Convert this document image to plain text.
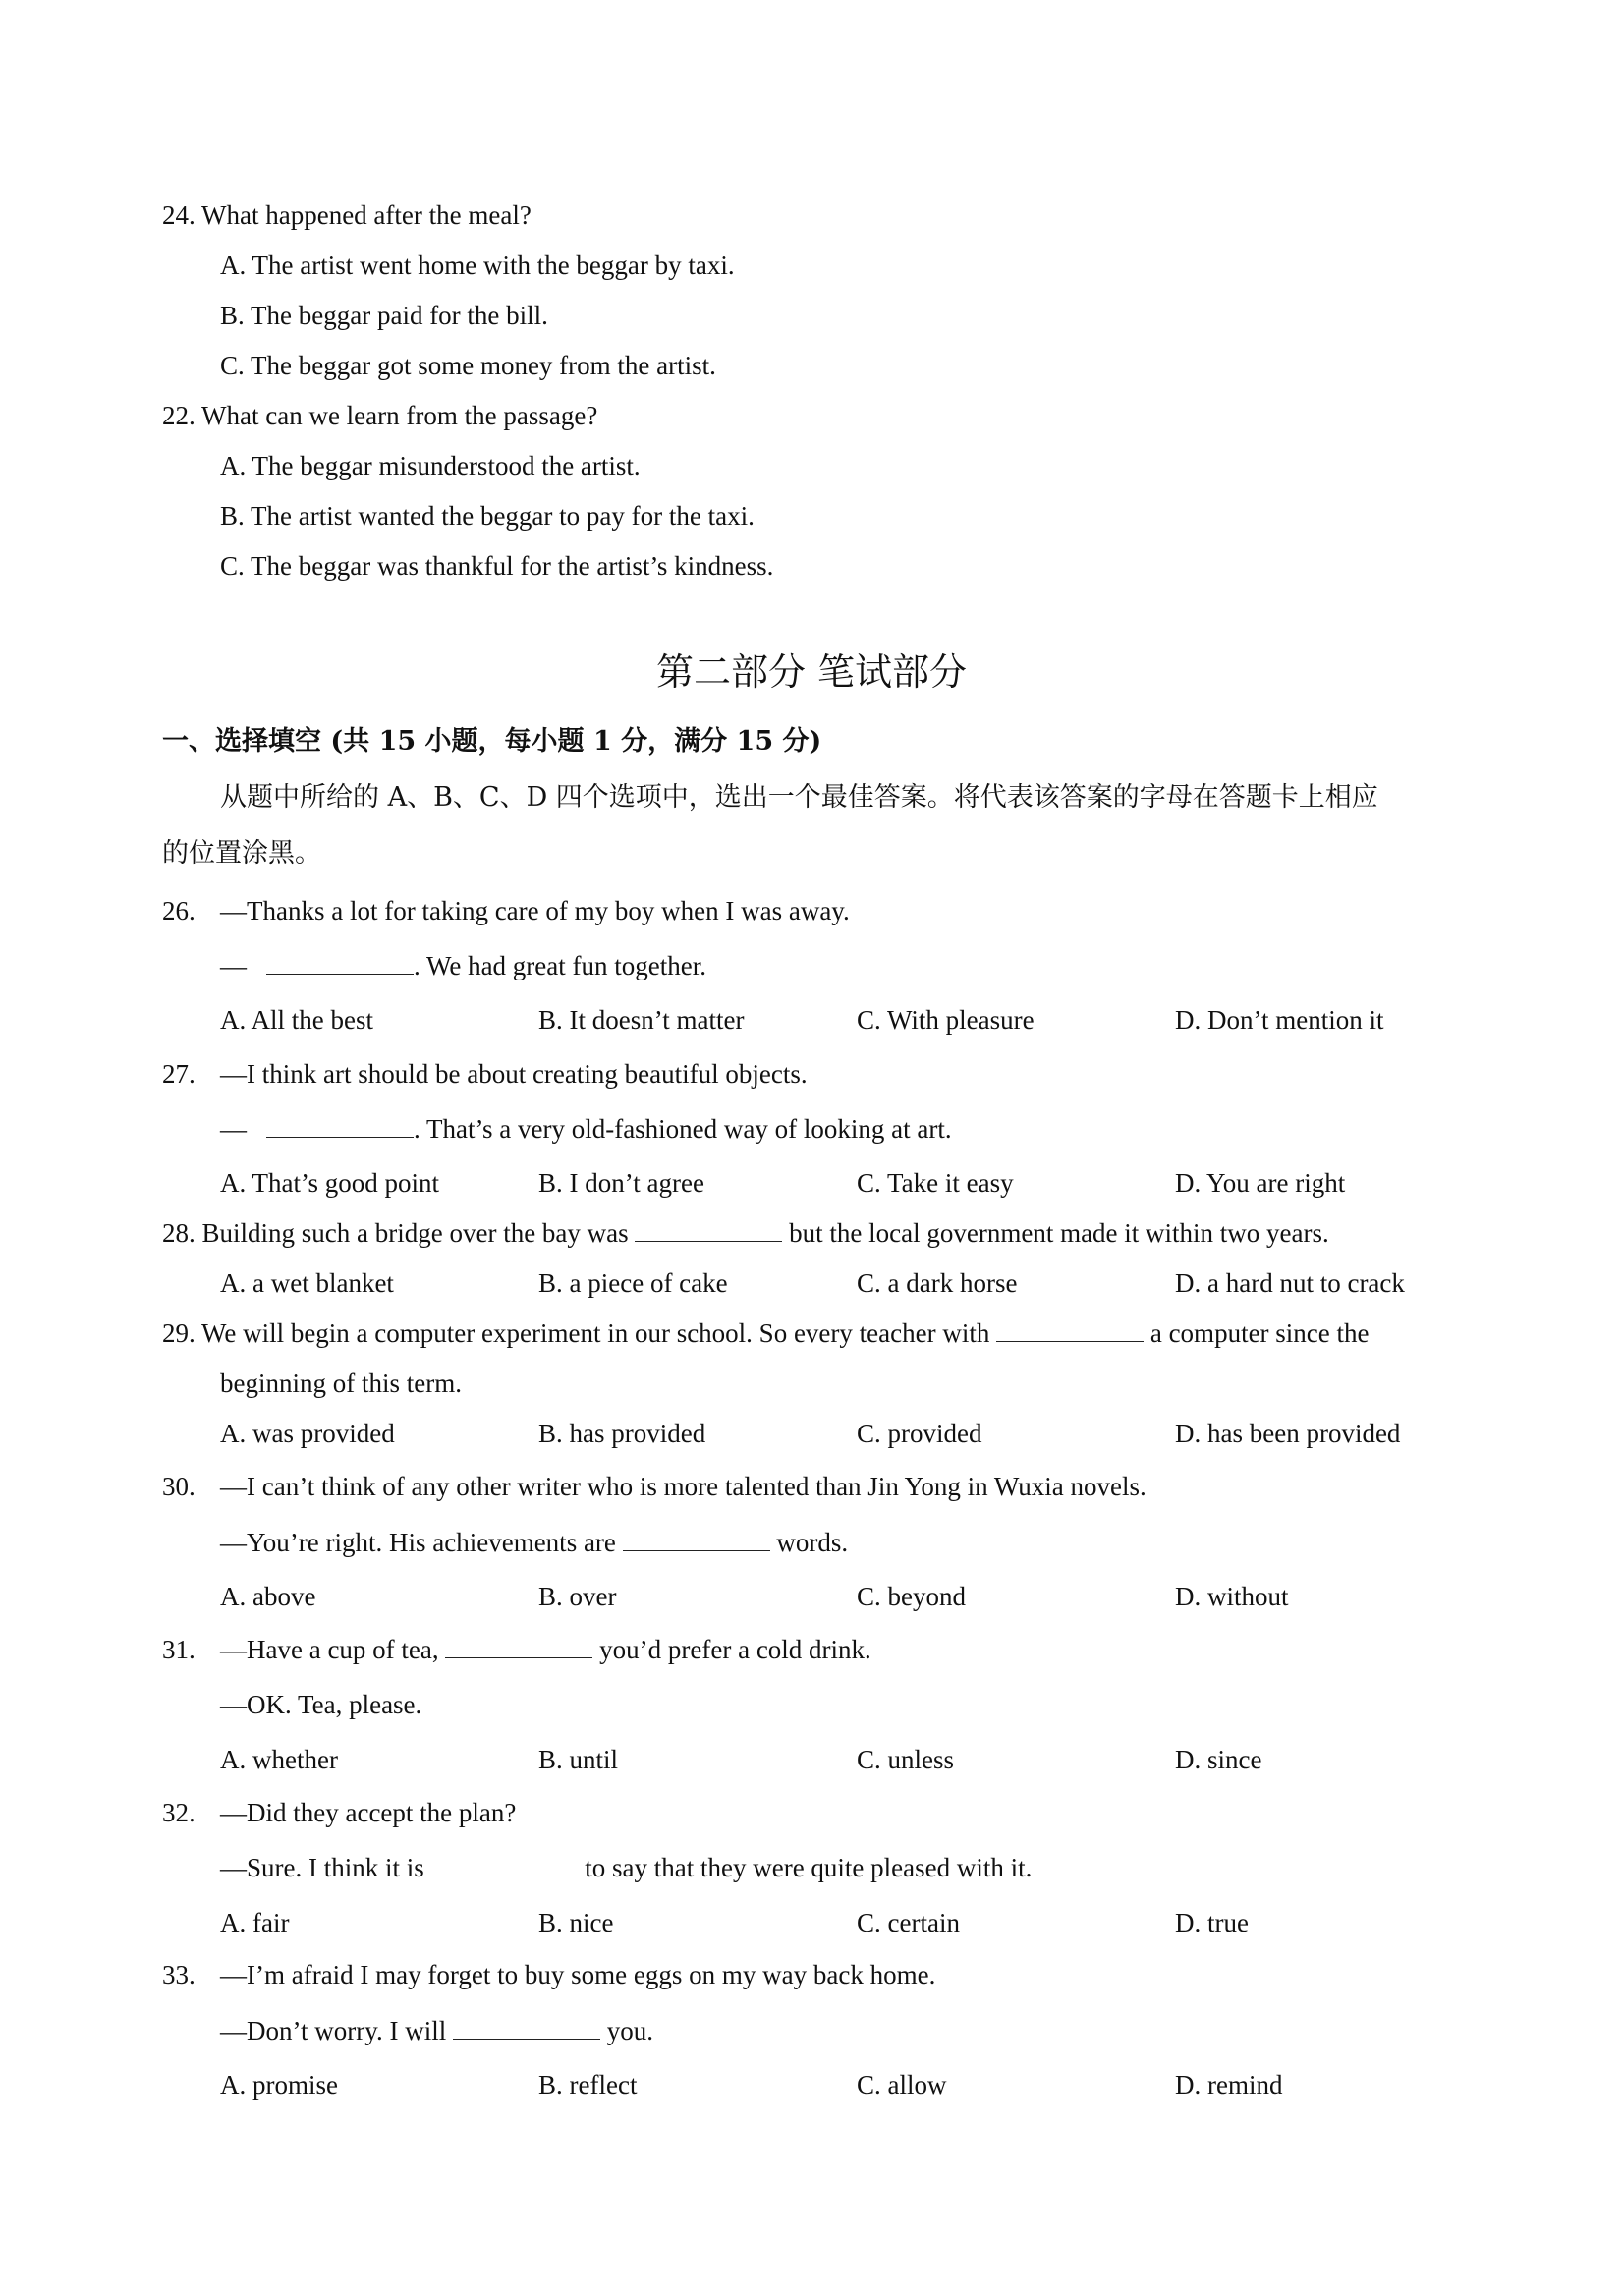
24. What happened after the meal?
A. The artist went home with the beggar by taxi.
B. The beggar paid for the bill.
C. The beggar got some money from the artist.
22. What can we learn from the passage?
A. The beggar misunderstood the artist.
B. The artist wanted the beggar to pay for the taxi.
C. The beggar was thankful for the artist’s kindness.
第二部分 笔试部分
一、选择填空 (共 15 小题，每小题 1 分，满分 15 分)
从题中所给的 A、B、C、D 四个选项中，选出一个最佳答案。将代表该答案的字母在答题卡上相应
的位置涂黑。
26. —Thanks a lot for taking care of my boy when I was away.
—	. We had great fun together.
A. All the best	B. It doesn’t matter	C. With pleasure	D. Don’t mention it
27. —I think art should be about creating beautiful objects.
—	. That’s a very old-fashioned way of looking at art.
A. That’s good point	B. I don’t agree	C. Take it easy	D. You are right
28. Building such a bridge over the bay was	but the local government made it within two years.
A. a wet blanket	B. a piece of cake	C. a dark horse	D. a hard nut to crack
29. We will begin a computer experiment in our school. So every teacher with	a computer since the
beginning of this term.
A. was provided	B. has provided	C. provided	D. has been provided
30. —I can’t think of any other writer who is more talented than Jin Yong in Wuxia novels.
—You’re right. His achievements are	words.
A. above	B. over	C. beyond	D. without
31. —Have a cup of tea,	you’d prefer a cold drink.
—OK. Tea, please.
A. whether	B. until	C. unless	D. since
32. —Did they accept the plan?
—Sure. I think it is	to say that they were quite pleased with it.
A. fair	B. nice	C. certain	D. true
33. —I’m afraid I may forget to buy some eggs on my way back home.
—Don’t worry. I will	you.
A. promise	B. reflect	C. allow	D. remind
